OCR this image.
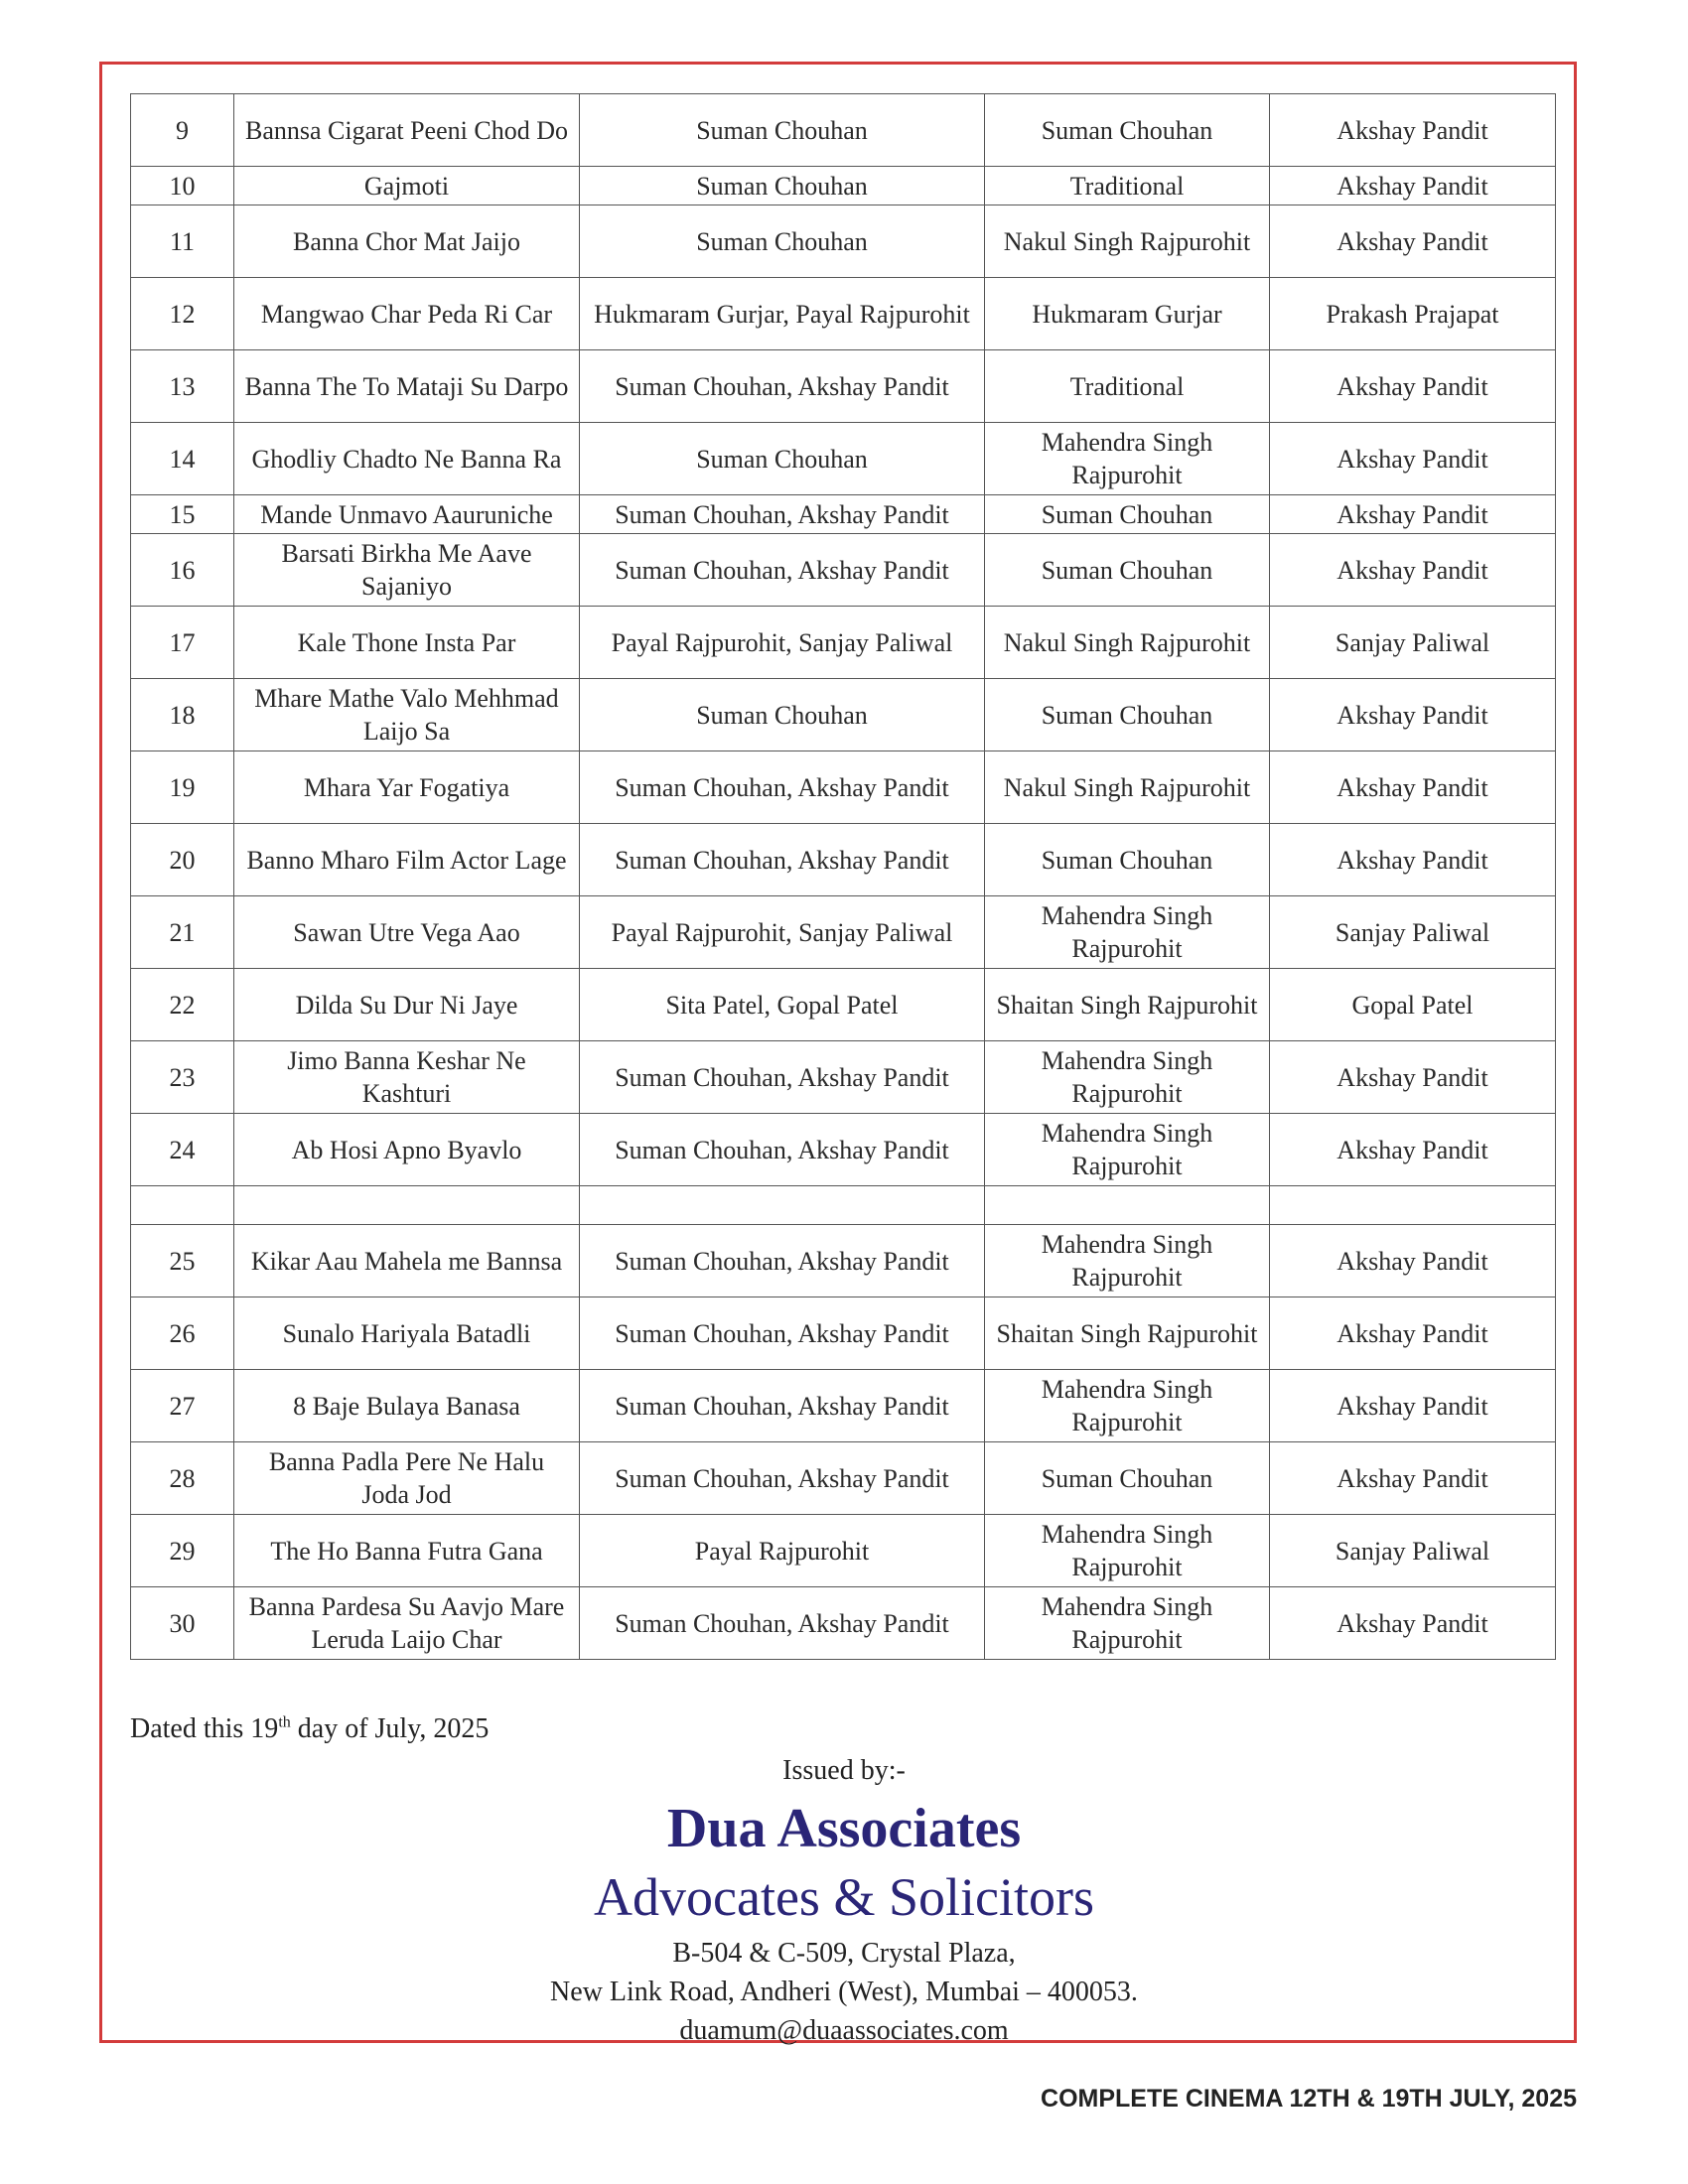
9	Bannsa Cigarat Peeni Chod Do	Suman Chouhan	Suman Chouhan	Akshay Pandit
10	Gajmoti	Suman Chouhan	Traditional	Akshay Pandit
11	Banna Chor Mat Jaijo	Suman Chouhan	Nakul Singh Rajpurohit	Akshay Pandit
12	Mangwao Char Peda Ri Car	Hukmaram Gurjar, Payal Rajpurohit	Hukmaram Gurjar	Prakash Prajapat
13	Banna The To Mataji Su Darpo	Suman Chouhan, Akshay Pandit	Traditional	Akshay Pandit
14	Ghodliy Chadto Ne Banna Ra	Suman Chouhan	Mahendra Singh Rajpurohit	Akshay Pandit
15	Mande Unmavo Aauruniche	Suman Chouhan, Akshay Pandit	Suman Chouhan	Akshay Pandit
16	Barsati Birkha Me Aave Sajaniyo	Suman Chouhan, Akshay Pandit	Suman Chouhan	Akshay Pandit
17	Kale Thone Insta Par	Payal Rajpurohit, Sanjay Paliwal	Nakul Singh Rajpurohit	Sanjay Paliwal
18	Mhare Mathe Valo Mehhmad Laijo Sa	Suman Chouhan	Suman Chouhan	Akshay Pandit
19	Mhara Yar Fogatiya	Suman Chouhan, Akshay Pandit	Nakul Singh Rajpurohit	Akshay Pandit
20	Banno Mharo Film Actor Lage	Suman Chouhan, Akshay Pandit	Suman Chouhan	Akshay Pandit
21	Sawan Utre Vega Aao	Payal Rajpurohit, Sanjay Paliwal	Mahendra Singh Rajpurohit	Sanjay Paliwal
22	Dilda Su Dur Ni Jaye	Sita Patel, Gopal Patel	Shaitan Singh Rajpurohit	Gopal Patel
23	Jimo Banna Keshar Ne Kashturi	Suman Chouhan, Akshay Pandit	Mahendra Singh Rajpurohit	Akshay Pandit
24	Ab Hosi Apno Byavlo	Suman Chouhan, Akshay Pandit	Mahendra Singh Rajpurohit	Akshay Pandit

25	Kikar Aau Mahela me Bannsa	Suman Chouhan, Akshay Pandit	Mahendra Singh Rajpurohit	Akshay Pandit
26	Sunalo Hariyala Batadli	Suman Chouhan, Akshay Pandit	Shaitan Singh Rajpurohit	Akshay Pandit
27	8 Baje Bulaya Banasa	Suman Chouhan, Akshay Pandit	Mahendra Singh Rajpurohit	Akshay Pandit
28	Banna Padla Pere Ne Halu Joda Jod	Suman Chouhan, Akshay Pandit	Suman Chouhan	Akshay Pandit
29	The Ho Banna Futra Gana	Payal Rajpurohit	Mahendra Singh Rajpurohit	Sanjay Paliwal
30	Banna Pardesa Su Aavjo Mare Leruda Laijo Char	Suman Chouhan, Akshay Pandit	Mahendra Singh Rajpurohit	Akshay Pandit
Dated this 19th day of July, 2025
Issued by:-
Dua Associates
Advocates & Solicitors
B-504 & C-509, Crystal Plaza,
New Link Road, Andheri (West), Mumbai – 400053.
duamum@duaassociates.com
COMPLETE CINEMA 12TH & 19TH JULY, 2025
